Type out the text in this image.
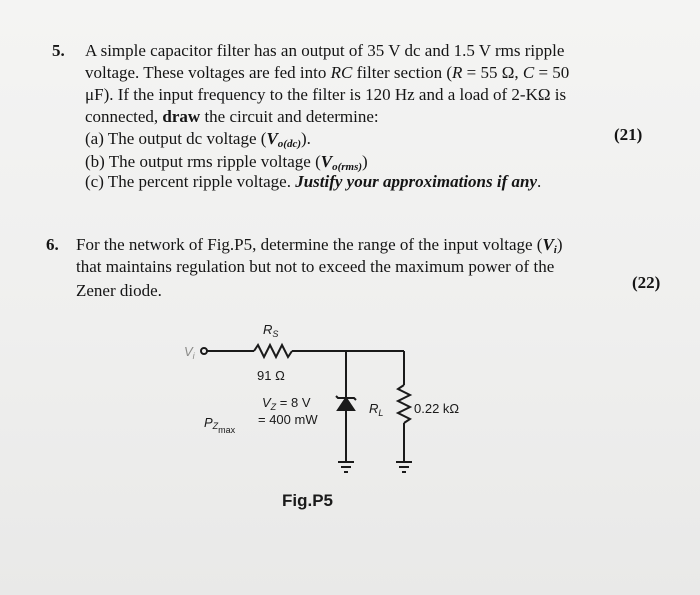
5. A simple capacitor filter has an output of 35 V dc and 1.5 V rms ripple
voltage. These voltages are fed into RC filter section (R = 55 Ω, C = 50
μF). If the input frequency to the filter is 120 Hz and a load of 2-KΩ is
connected, draw the circuit and determine:
(a) The output dc voltage $(V_{o(dc)})$.	(21)
(b) The output rms ripple voltage $(V_{o(rms)})$
(c) The percent ripple voltage. Justify your approximations if any.
6. For the network of Fig.P5, determine the range of the input voltage $(V_i)$
that maintains regulation but not to exceed the maximum power of the
(22)
Zener diode.
$V_i$
$R_S$
91 Ω
$V_Z = 8$ V
= 400 mW
$PZ_{max}$
$R_L$ 0.22 kΩ
Fig.P5
